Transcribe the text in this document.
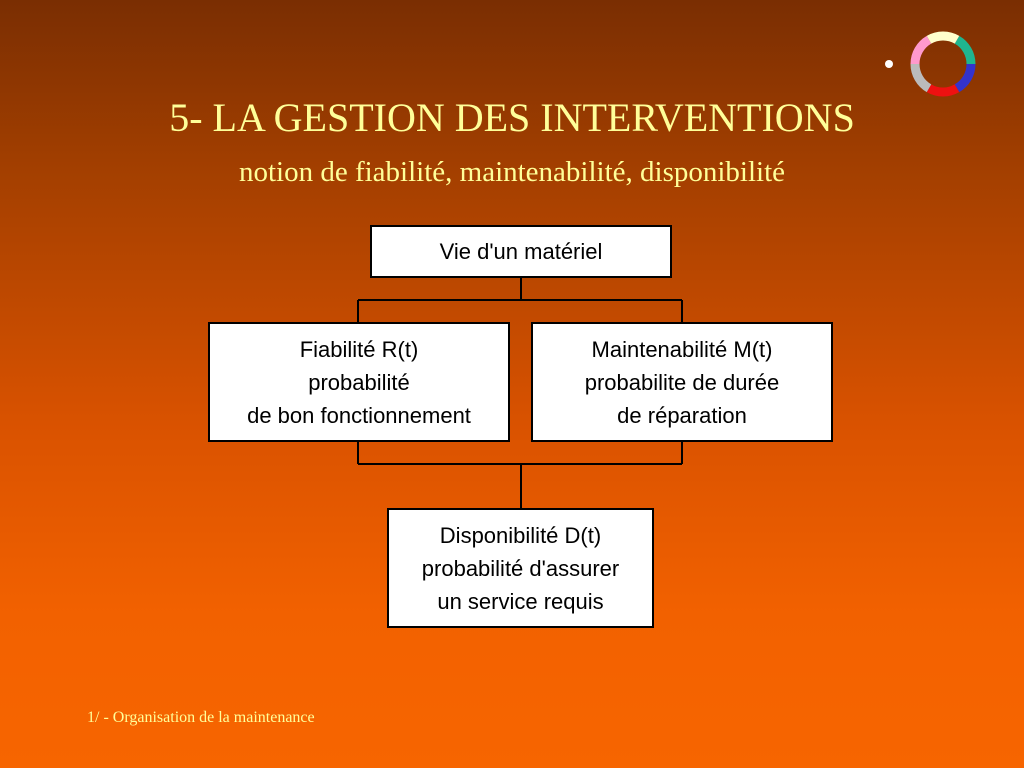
5- LA GESTION DES INTERVENTIONS
notion de fiabilité, maintenabilité, disponibilité
Vie d'un matériel
Fiabilité R(t)
probabilité
de bon fonctionnement
Maintenabilité M(t)
probabilite de durée
de réparation
Disponibilité D(t)
probabilité d'assurer
un service requis
1/ - Organisation de la maintenance
